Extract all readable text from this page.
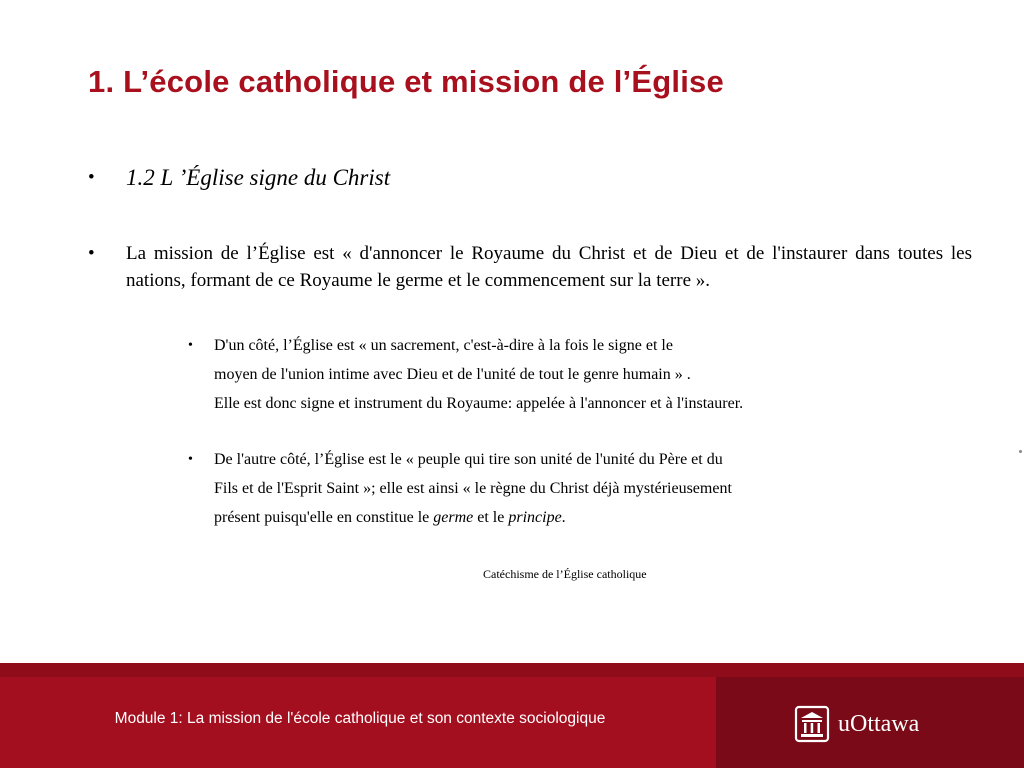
1. L’école catholique et mission de l’Église
•	1.2 L ’Église signe du Christ
•	La mission de l’Église est « d'annoncer le Royaume du Christ et de Dieu et de l'instaurer dans toutes les nations, formant de ce Royaume le germe et le commencement sur la terre ».
•	D'un côté, l’Église est « un sacrement, c'est-à-dire à la fois le signe et le
moyen de l'union intime avec Dieu et de l'unité de tout le genre humain » .
Elle est donc signe et instrument du Royaume: appelée à l'annoncer et à l'instaurer.
•	De l'autre côté, l’Église est le « peuple qui tire son unité de l'unité du Père et du
Fils et de l'Esprit Saint »; elle est ainsi « le règne du Christ déjà mystérieusement
présent puisqu'elle en constitue le germe et le principe.
Catéchisme de l’Église catholique
Module 1: La mission de l'école catholique et son contexte sociologique	uOttawa
